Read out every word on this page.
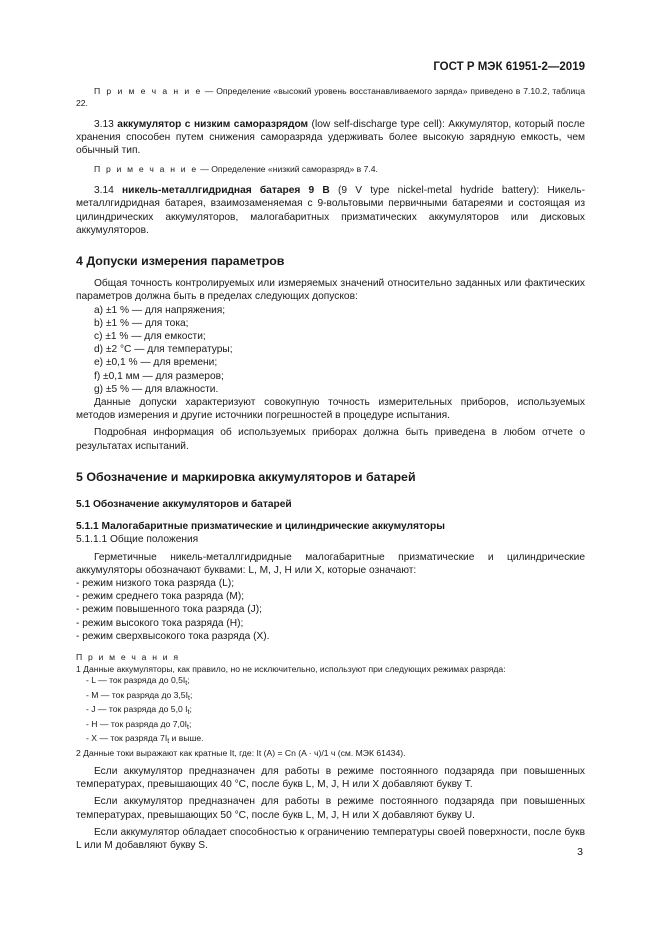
ГОСТ Р МЭК 61951-2—2019

П р и м е ч а н и е — Определение «высокий уровень восстанавливаемого заряда» приведено в 7.10.2, таблица 22.

3.13 аккумулятор с низким саморазрядом (low self-discharge type cell): Аккумулятор, который после хранения способен путем снижения саморазряда удерживать более высокую зарядную емкость, чем обычный тип.

П р и м е ч а н и е — Определение «низкий саморазряд» в 7.4.

3.14 никель-металлгидридная батарея 9 В (9 V type nickel-metal hydride battery): Никель-металлгидридная батарея, взаимозаменяемая с 9-вольтовыми первичными батареями и состоящая из цилиндрических аккумуляторов, малогабаритных призматических аккумуляторов или дисковых аккумуляторов.

4 Допуски измерения параметров

Общая точность контролируемых или измеряемых значений относительно заданных или фактических параметров должна быть в пределах следующих допусков:

a) ±1 % — для напряжения;

b) ±1 % — для тока;

c) ±1 % — для емкости;

d) ±2 °C — для температуры;

e) ±0,1 % — для времени;

f) ±0,1 мм — для размеров;

g) ±5 % — для влажности.

Данные допуски характеризуют совокупную точность измерительных приборов, используемых методов измерения и другие источники погрешностей в процедуре испытания.

Подробная информация об используемых приборах должна быть приведена в любом отчете о результатах испытаний.

5 Обозначение и маркировка аккумуляторов и батарей
5.1 Обозначение аккумуляторов и батарей
5.1.1 Малогабаритные призматические и цилиндрические аккумуляторы

5.1.1.1 Общие положения

Герметичные никель-металлгидридные малогабаритные призматические и цилиндрические аккумуляторы обозначают буквами: L, M, J, H или X, которые означают:

- режим низкого тока разряда (L);

- режим среднего тока разряда (M);

- режим повышенного тока разряда (J);

- режим высокого тока разряда (H);

- режим сверхвысокого тока разряда (X).

П р и м е ч а н и я

1 Данные аккумуляторы, как правило, но не исключительно, используют при следующих режимах разряда:

- L — ток разряда до $0,5I_t$;

- M — ток разряда до $3,5I_t$;

- J — ток разряда до 5,0 $I_t$;

- H — ток разряда до $7,0I_t$;

- X — ток разряда $7I_t$ и выше.

2 Данные токи выражают как кратные It, где: It (A) = Cn (A · ч)/1 ч (см. МЭК 61434).

Если аккумулятор предназначен для работы в режиме постоянного подзаряда при повышенных температурах, превышающих 40 °C, после букв L, M, J, H или X добавляют букву T.

Если аккумулятор предназначен для работы в режиме постоянного подзаряда при повышенных температурах, превышающих 50 °C, после букв L, M, J, H или X добавляют букву U.

Если аккумулятор обладает способностью к ограничению температуры своей поверхности, после букв L или M добавляют букву S.

3
